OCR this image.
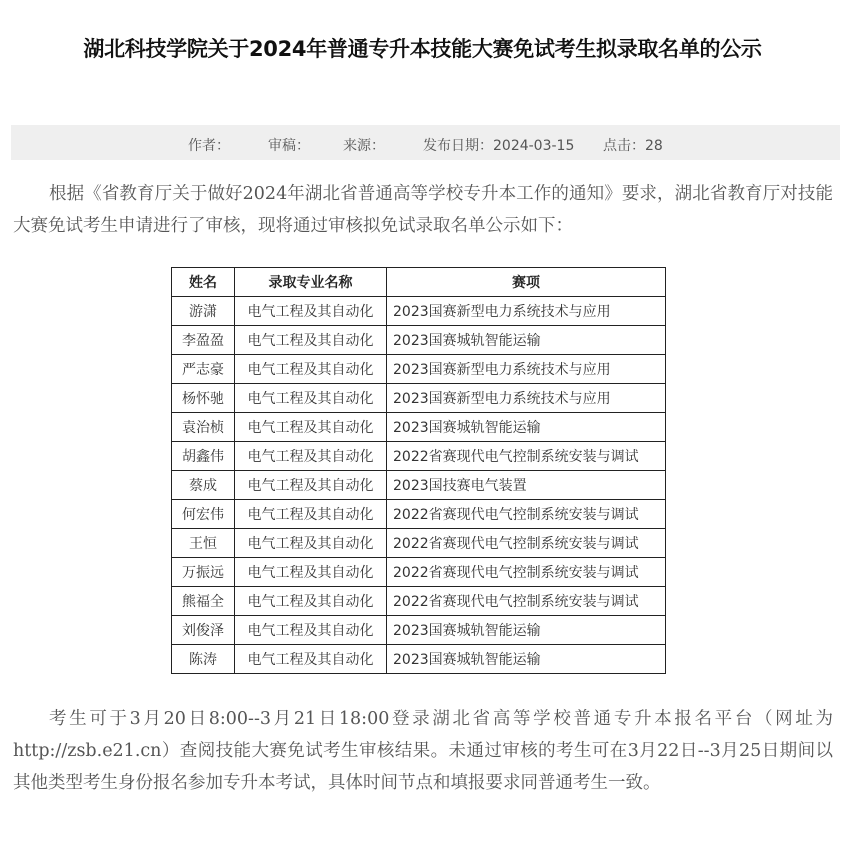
湖北科技学院关于2024年普通专升本技能大赛免试考生拟录取名单的公示
作者：	审稿： 来源：	发布日期：2024-03-15 点击：28

根据《省教育厅关于做好2024年湖北省普通高等学校专升本工作的通知》要求，湖北省教育厅对技能大赛免试考生申请进行了审核，现将通过审核拟免试录取名单公示如下：

姓名	录取专业名称	赛项
游潇	电气工程及其自动化	2023国赛新型电力系统技术与应用
李盈盈	电气工程及其自动化	2023国赛城轨智能运输
严志豪	电气工程及其自动化	2023国赛新型电力系统技术与应用
杨怀驰	电气工程及其自动化	2023国赛新型电力系统技术与应用
袁治桢	电气工程及其自动化	2023国赛城轨智能运输
胡鑫伟	电气工程及其自动化	2022省赛现代电气控制系统安装与调试
蔡成	电气工程及其自动化	2023国技赛电气装置
何宏伟	电气工程及其自动化	2022省赛现代电气控制系统安装与调试
王恒	电气工程及其自动化	2022省赛现代电气控制系统安装与调试
万振远	电气工程及其自动化	2022省赛现代电气控制系统安装与调试
熊福全	电气工程及其自动化	2022省赛现代电气控制系统安装与调试
刘俊泽	电气工程及其自动化	2023国赛城轨智能运输
陈涛	电气工程及其自动化	2023国赛城轨智能运输

考生可于3月20日8:00--3月21日18:00登录湖北省高等学校普通专升本报名平台（网址为http://zsb.e21.cn）查阅技能大赛免试考生审核结果。未通过审核的考生可在3月22日--3月25日期间以其他类型考生身份报名参加专升本考试，具体时间节点和填报要求同普通考生一致。
